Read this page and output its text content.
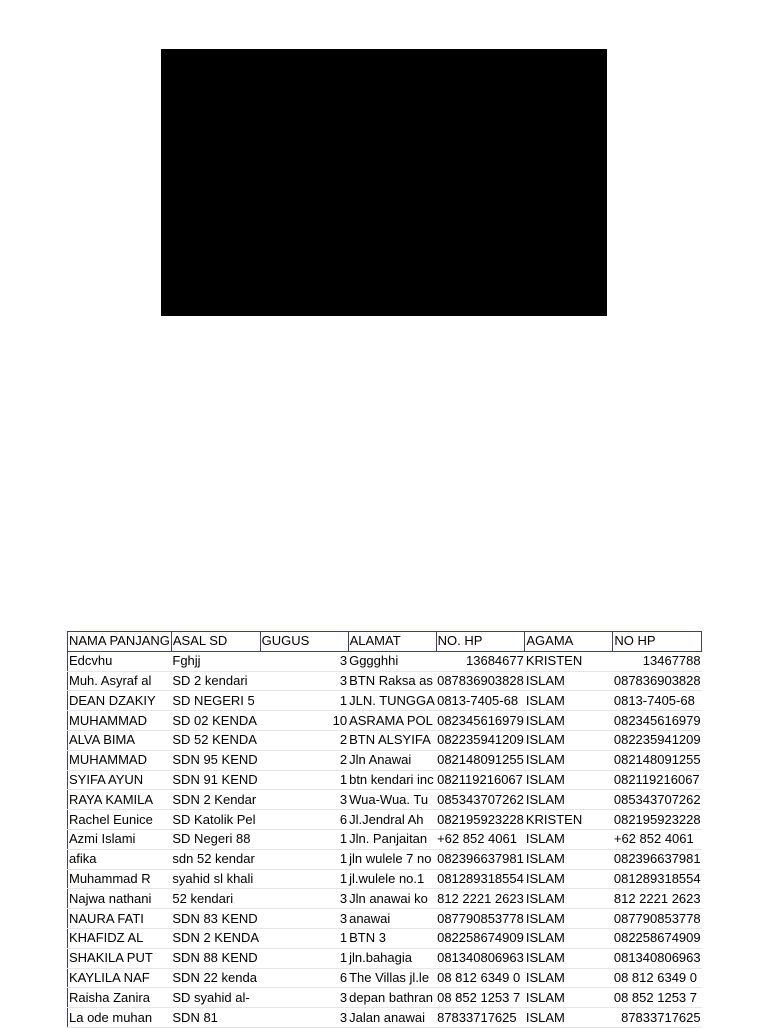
NAMA PANJANG	ASAL SD	GUGUS	ALAMAT	NO. HP	AGAMA	NO HP
Edcvhu	Fghjj	3	Gggghhi	13684677	KRISTEN	13467788
Muh. Asyraf al	SD 2 kendari	3	BTN Raksa as	087836903828	ISLAM	087836903828
DEAN DZAKIY	SD NEGERI 5	1	JLN. TUNGGA	0813-7405-68	ISLAM	0813-7405-68
MUHAMMAD	SD 02 KENDA	10	ASRAMA POL	082345616979	ISLAM	082345616979
ALVA BIMA	SD 52 KENDA	2	BTN ALSYIFA	082235941209	ISLAM	082235941209
MUHAMMAD	SDN 95 KEND	2	Jln Anawai	082148091255	ISLAM	082148091255
SYIFA AYUN	SDN 91 KEND	1	btn kendari inc	082119216067	ISLAM	082119216067
RAYA KAMILA	SDN 2 Kendar	3	Wua-Wua. Tu	085343707262	ISLAM	085343707262
Rachel Eunice	SD Katolik Pel	6	Jl.Jendral Ah	082195923228	KRISTEN	082195923228
Azmi Islami	SD Negeri 88	1	Jln. Panjaitan	+62 852 4061	ISLAM	+62 852 4061
afika	sdn 52 kendar	1	jln wulele 7 no	082396637981	ISLAM	082396637981
Muhammad R	syahid sl khali	1	jl.wulele no.1	081289318554	ISLAM	081289318554
Najwa nathani	52 kendari	3	Jln anawai ko	812 2221 2623	ISLAM	812 2221 2623
NAURA FATI	SDN 83 KEND	3	anawai	087790853778	ISLAM	087790853778
KHAFIDZ AL	SDN 2 KENDA	1	BTN 3	082258674909	ISLAM	082258674909
SHAKILA PUT	SDN 88 KEND	1	jln.bahagia	081340806963	ISLAM	081340806963
KAYLILA NAF	SDN 22 kenda	6	The Villas jl.le	08 812 6349 0	ISLAM	08 812 6349 0
Raisha Zanira	SD syahid al-	3	depan bathran	08 852 1253 7	ISLAM	08 852 1253 7
La ode muhan	SDN 81	3	Jalan anawai	87833717625	ISLAM	87833717625
